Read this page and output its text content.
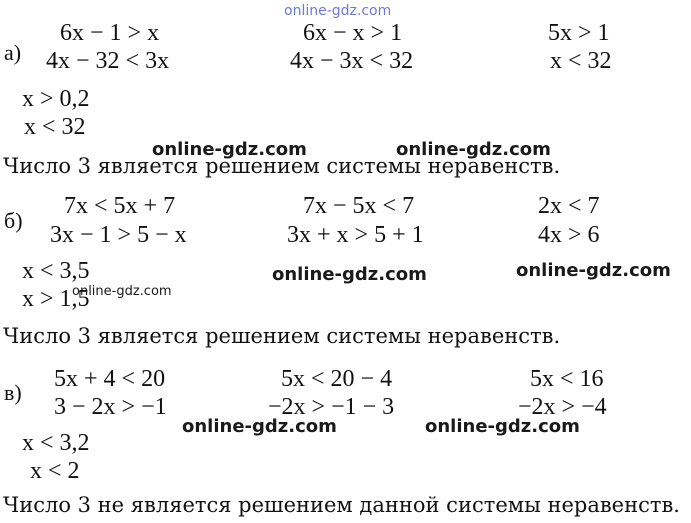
online-gdz.com
а)
6x − 1 > x	6x − x > 1	5x > 1
4x − 32 < 3x	4x − 3x < 32	x < 32
x > 0,2
x < 32
online-gdz.com	online-gdz.com
Число 3 является решением системы неравенств.
б)
7x < 5x + 7	7x − 5x < 7	2x < 7
3x − 1 > 5 − x	3x + x > 5 + 1	4x > 6
x < 3,5
x > 1,5
online-gdz.com	online-gdz.com
online-gdz.com
Число 3 является решением системы неравенств.
в)
5x + 4 < 20	5x < 20 − 4	5x < 16
3 − 2x > −1	−2x > −1 − 3	−2x > −4
online-gdz.com	online-gdz.com
x < 3,2
x < 2
Число 3 не является решением данной системы неравенств.
